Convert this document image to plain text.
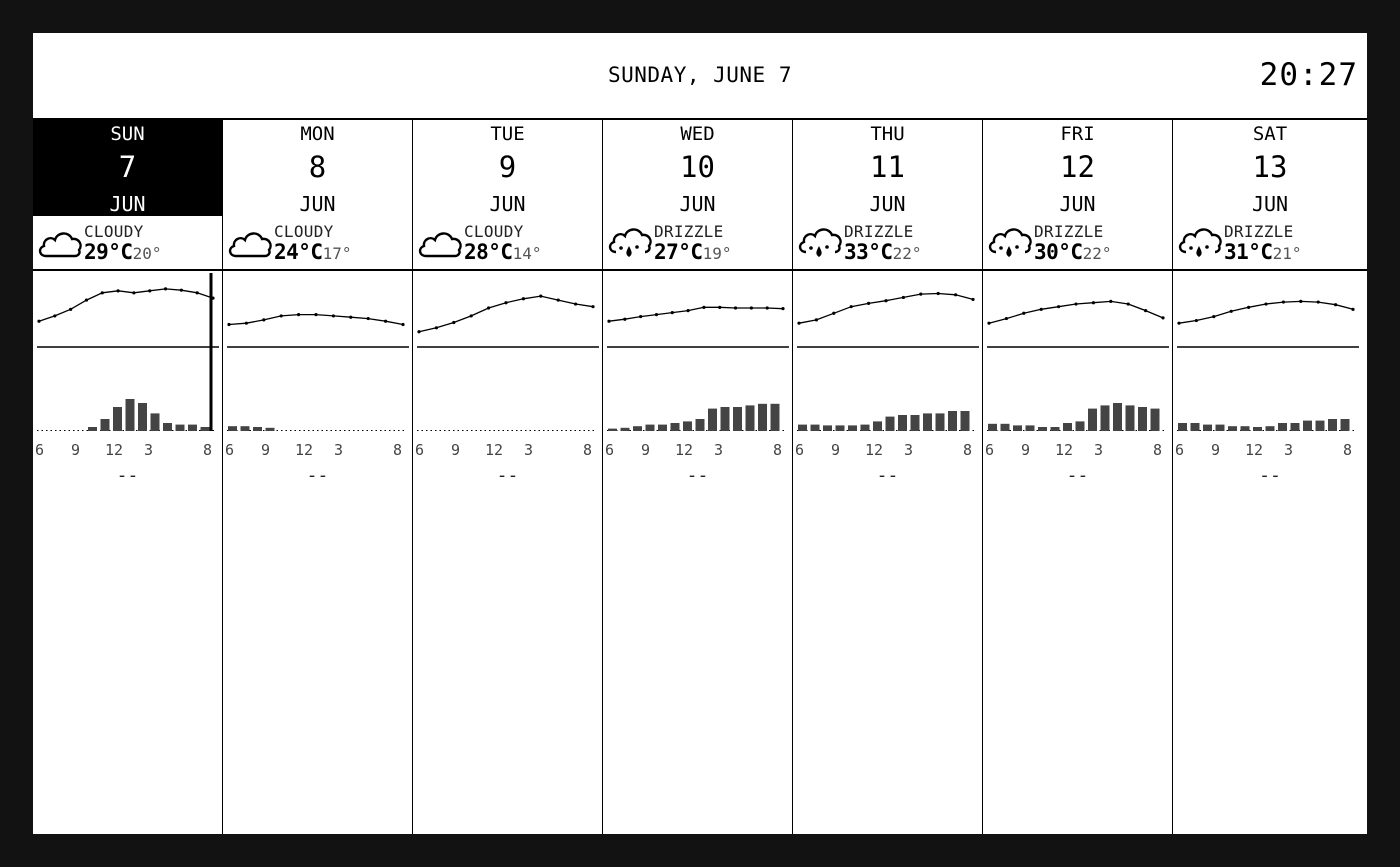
SUNDAY, JUNE 7	20:27
SUN
7
JUN
CLOUDY
29°C20°
6 9 12 3	8
--
MON
8
JUN
CLOUDY
24°C17°
6 9 12 3	8
--
TUE
9
JUN
CLOUDY
28°C14°
6 9 12 3	8
--
WED
10
JUN
DRIZZLE
27°C19°
6 9 12 3	8
--
THU
11
JUN
DRIZZLE
33°C22°
6 9 12 3	8
--
FRI
12
JUN
DRIZZLE
30°C22°
6 9 12 3	8
--
SAT
13
JUN
DRIZZLE
31°C21°
6 9 12 3	8
--
